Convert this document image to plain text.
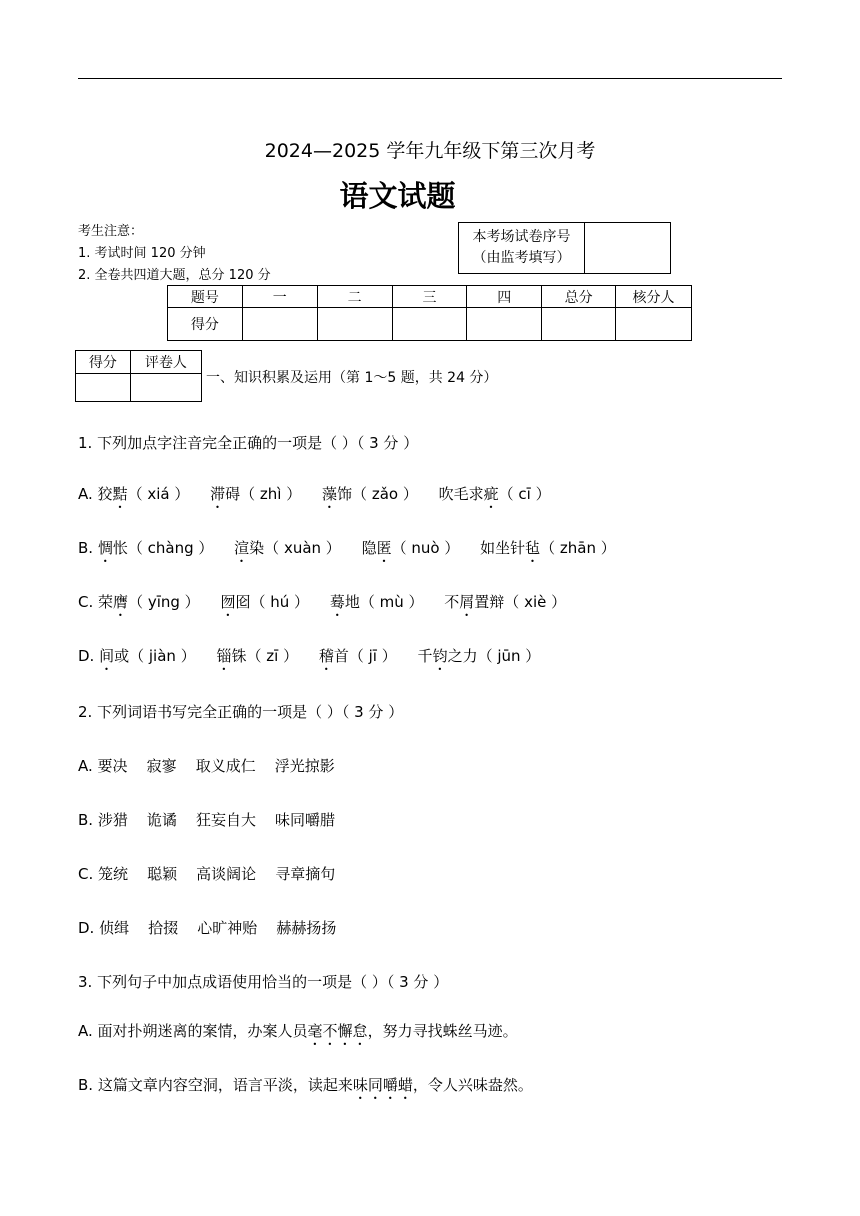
2024—2025 学年九年级下第三次月考
语文试题
考生注意：
1. 考试时间 120 分钟
2. 全卷共四道大题，总分 120 分
本考场试卷序号
（由监考填写）

题号	一	二	三	四	总分	核分人
得分						
得分	评卷人

一、知识积累及运用（第 1～5 题，共 24 分）
1. 下列加点字注音完全正确的一项是（ ）（ 3 分 ）
A. 狡黠（ xiá ） 滞碍（ zhì ） 藻饰（ zǎo ） 吹毛求疵（ cī ）
B. 惆怅（ chàng ） 渲染（ xuàn ） 隐匿（ nuò ） 如坐针毡（ zhān ）
C. 荣膺（ yīng ） 囫囵（ hú ） 蓦地（ mù ） 不屑置辩（ xiè ）
D. 间或（ jiàn ） 锱铢（ zī ） 稽首（ jī ） 千钧之力（ jūn ）
2. 下列词语书写完全正确的一项是（ ）（ 3 分 ）
A. 要决    寂寥    取义成仁    浮光掠影
B. 涉猎    诡谲    狂妄自大    味同嚼腊
C. 笼统    聪颖    高谈阔论    寻章摘句
D. 侦缉    拾掇    心旷神贻    赫赫扬扬
3. 下列句子中加点成语使用恰当的一项是（ ）（ 3 分 ）
A. 面对扑朔迷离的案情，办案人员毫不懈怠，努力寻找蛛丝马迹。
B. 这篇文章内容空洞，语言平淡，读起来味同嚼蜡，令人兴味盎然。
